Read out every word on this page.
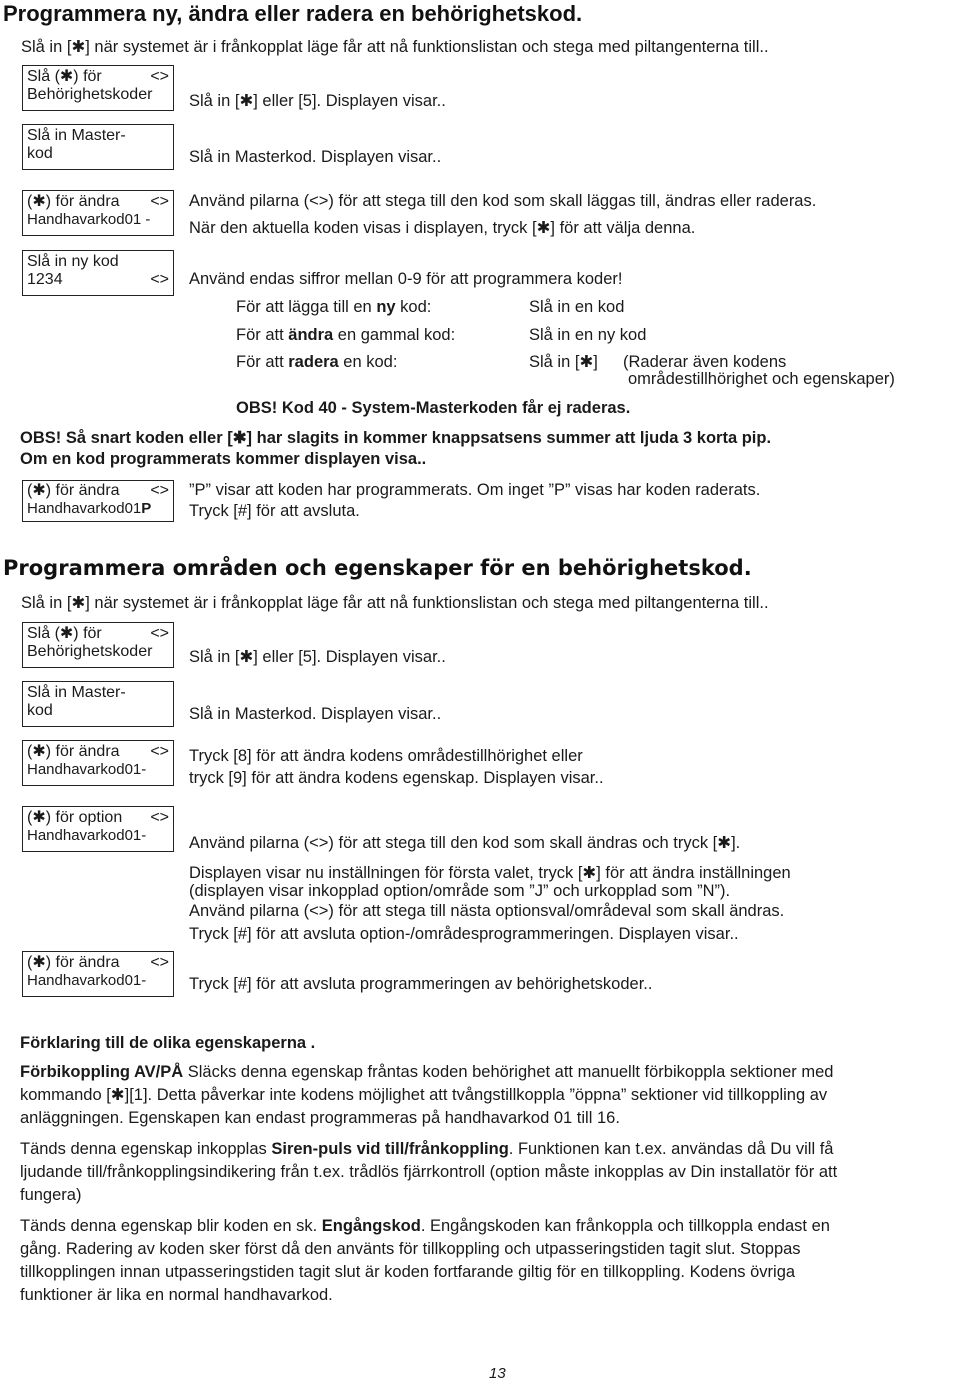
Programmera ny, ändra eller radera en behörighetskod.
Slå in [✱] när systemet är i frånkopplat läge får att nå funktionslistan och stega med piltangenterna till..
Slå (✱) för	<>
Behörighetskoder
Slå in Master-
kod
(✱) för ändra <>
Handhavarkod01 -
Slå in ny kod
1234	<>
Slå in [✱] eller [5]. Displayen visar..
Slå in Masterkod. Displayen visar..
Använd pilarna (<>) för att stega till den kod som skall läggas till, ändras eller raderas.
När den aktuella koden visas i displayen, tryck [✱] för att välja denna.
Använd endas siffror mellan 0-9 för att programmera koder!
För att lägga till en ny kod:	Slå in en kod
För att ändra en gammal kod:	Slå in en ny kod
För att radera en kod:	Slå in [✱] (Raderar även kodens
områdestillhörighet och egenskaper)
OBS! Kod 40 - System-Masterkoden får ej raderas.
OBS! Så snart koden eller [✱] har slagits in kommer knappsatsens summer att ljuda 3 korta pip.
Om en kod programmerats kommer displayen visa..
(✱) för ändra <>
Handhavarkod01 P
”P” visar att koden har programmerats. Om inget ”P” visas har koden raderats.
Tryck [#] för att avsluta.
Programmera områden och egenskaper för en behörighetskod.
Slå in [✱] när systemet är i frånkopplat läge får att nå funktionslistan och stega med piltangenterna till..
Slå (✱) för	<>
Behörighetskoder
Slå in Master-
kod
(✱) för ändra <>
Handhavarkod01-
(✱) för option <>
Handhavarkod01-
(✱) för ändra <>
Handhavarkod01-
Slå in [✱] eller [5]. Displayen visar..
Slå in Masterkod. Displayen visar..
Tryck [8] för att ändra kodens områdestillhörighet eller
tryck [9] för att ändra kodens egenskap. Displayen visar..
Använd pilarna (<>) för att stega till den kod som skall ändras och tryck [✱].
Displayen visar nu inställningen för första valet, tryck [✱] för att ändra inställningen
(displayen visar inkopplad option/område som ”J” och urkopplad som ”N”).
Använd pilarna (<>) för att stega till nästa optionsval/områdeval som skall ändras.
Tryck [#] för att avsluta option-/områdesprogrammeringen. Displayen visar..
Tryck [#] för att avsluta programmeringen av behörighetskoder..
Förklaring till de olika egenskaperna .
Förbikoppling AV/PÅ Släcks denna egenskap fråntas koden behörighet att manuellt förbikoppla sektioner med
kommando [✱][1]. Detta påverkar inte kodens möjlighet att tvångstillkoppla ”öppna” sektioner vid tillkoppling av
anläggningen. Egenskapen kan endast programmeras på handhavarkod 01 till 16.
Tänds denna egenskap inkopplas Siren-puls vid till/frånkoppling. Funktionen kan t.ex. användas då Du vill få
ljudande till/frånkopplingsindikering från t.ex. trådlös fjärrkontroll (option måste inkopplas av Din installatör för att
fungera)
Tänds denna egenskap blir koden en sk. Engångskod. Engångskoden kan frånkoppla och tillkoppla endast en
gång. Radering av koden sker först då den använts för tillkoppling och utpasseringstiden tagit slut. Stoppas
tillkopplingen innan utpasseringstiden tagit slut är koden fortfarande giltig för en tillkoppling. Kodens övriga
funktioner är lika en normal handhavarkod.
13
